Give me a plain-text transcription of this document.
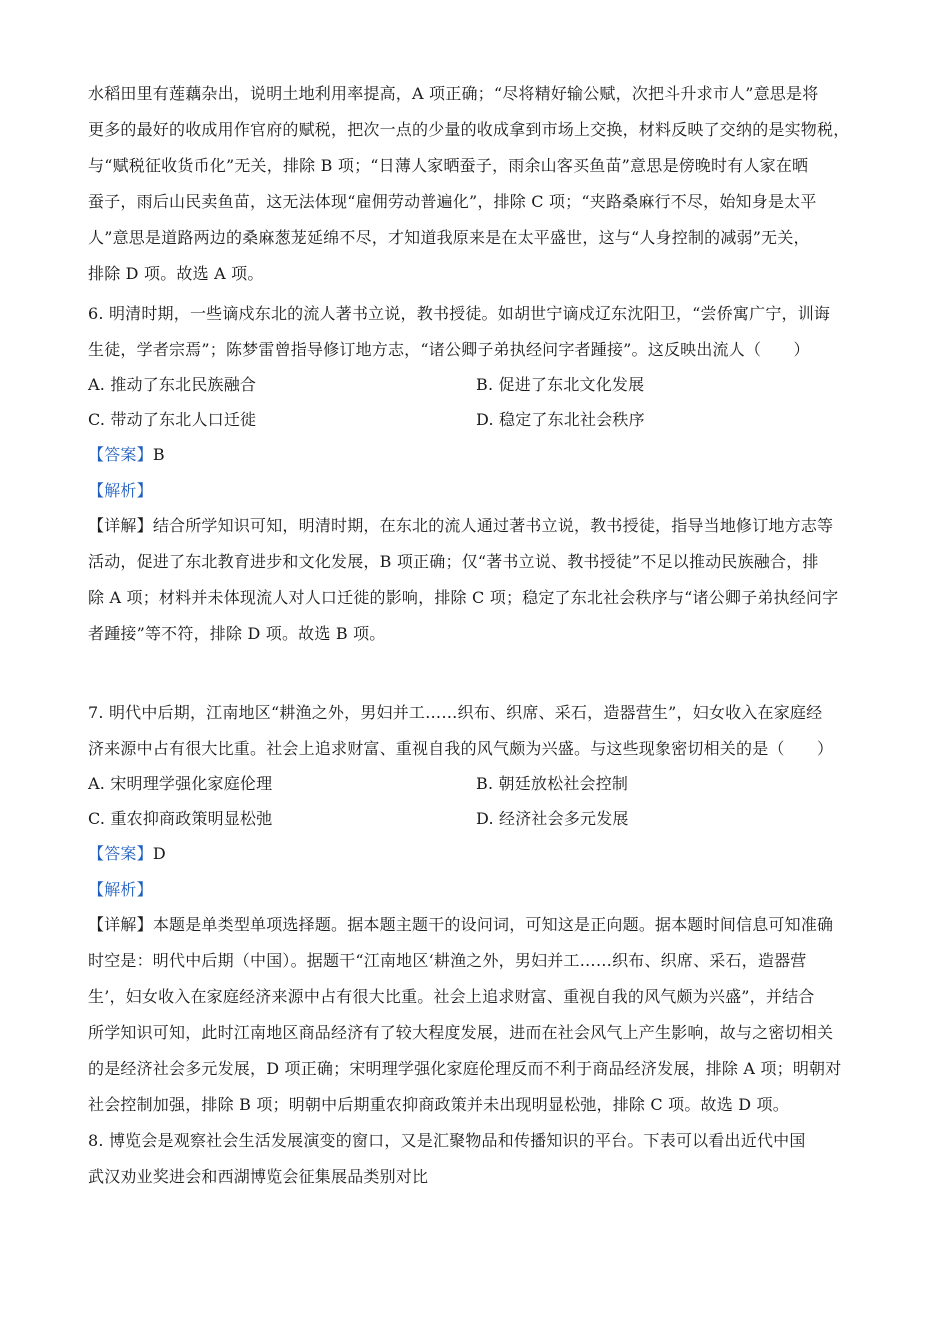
水稻田里有莲藕杂出，说明土地利用率提高，A 项正确；“尽将精好输公赋，次把斗升求市人”意思是将
更多的最好的收成用作官府的赋税，把次一点的少量的收成拿到市场上交换，材料反映了交纳的是实物税，
与“赋税征收货币化”无关，排除 B 项；“日薄人家晒蚕子，雨余山客买鱼苗”意思是傍晚时有人家在晒
蚕子，雨后山民卖鱼苗，这无法体现“雇佣劳动普遍化”，排除 C 项；“夹路桑麻行不尽，始知身是太平
人”意思是道路两边的桑麻葱茏延绵不尽，才知道我原来是在太平盛世，这与“人身控制的减弱”无关，
排除 D 项。故选 A 项。
6. 明清时期，一些谪戍东北的流人著书立说，教书授徒。如胡世宁谪戍辽东沈阳卫，“尝侨寓广宁，训诲
生徒，学者宗焉”；陈梦雷曾指导修订地方志，“诸公卿子弟执经问字者踵接”。这反映出流人（　　）
A. 推动了东北民族融合	B. 促进了东北文化发展
C. 带动了东北人口迁徙	D. 稳定了东北社会秩序
【答案】B
【解析】
【详解】结合所学知识可知，明清时期，在东北的流人通过著书立说，教书授徒，指导当地修订地方志等
活动，促进了东北教育进步和文化发展，B 项正确；仅“著书立说、教书授徒”不足以推动民族融合，排
除 A 项；材料并未体现流人对人口迁徙的影响，排除 C 项；稳定了东北社会秩序与“诸公卿子弟执经问字
者踵接”等不符，排除 D 项。故选 B 项。
7. 明代中后期，江南地区“耕渔之外，男妇并工……织布、织席、采石，造器营生”，妇女收入在家庭经
济来源中占有很大比重。社会上追求财富、重视自我的风气颇为兴盛。与这些现象密切相关的是（　　）
A. 宋明理学强化家庭伦理	B. 朝廷放松社会控制
C. 重农抑商政策明显松弛	D. 经济社会多元发展
【答案】D
【解析】
【详解】本题是单类型单项选择题。据本题主题干的设问词，可知这是正向题。据本题时间信息可知准确
时空是：明代中后期（中国）。据题干“江南地区‘耕渔之外，男妇并工……织布、织席、采石，造器营
生’，妇女收入在家庭经济来源中占有很大比重。社会上追求财富、重视自我的风气颇为兴盛”，并结合
所学知识可知，此时江南地区商品经济有了较大程度发展，进而在社会风气上产生影响，故与之密切相关
的是经济社会多元发展，D 项正确；宋明理学强化家庭伦理反而不利于商品经济发展，排除 A 项；明朝对
社会控制加强，排除 B 项；明朝中后期重农抑商政策并未出现明显松弛，排除 C 项。故选 D 项。
8. 博览会是观察社会生活发展演变的窗口，又是汇聚物品和传播知识的平台。下表可以看出近代中国
武汉劝业奖进会和西湖博览会征集展品类别对比
